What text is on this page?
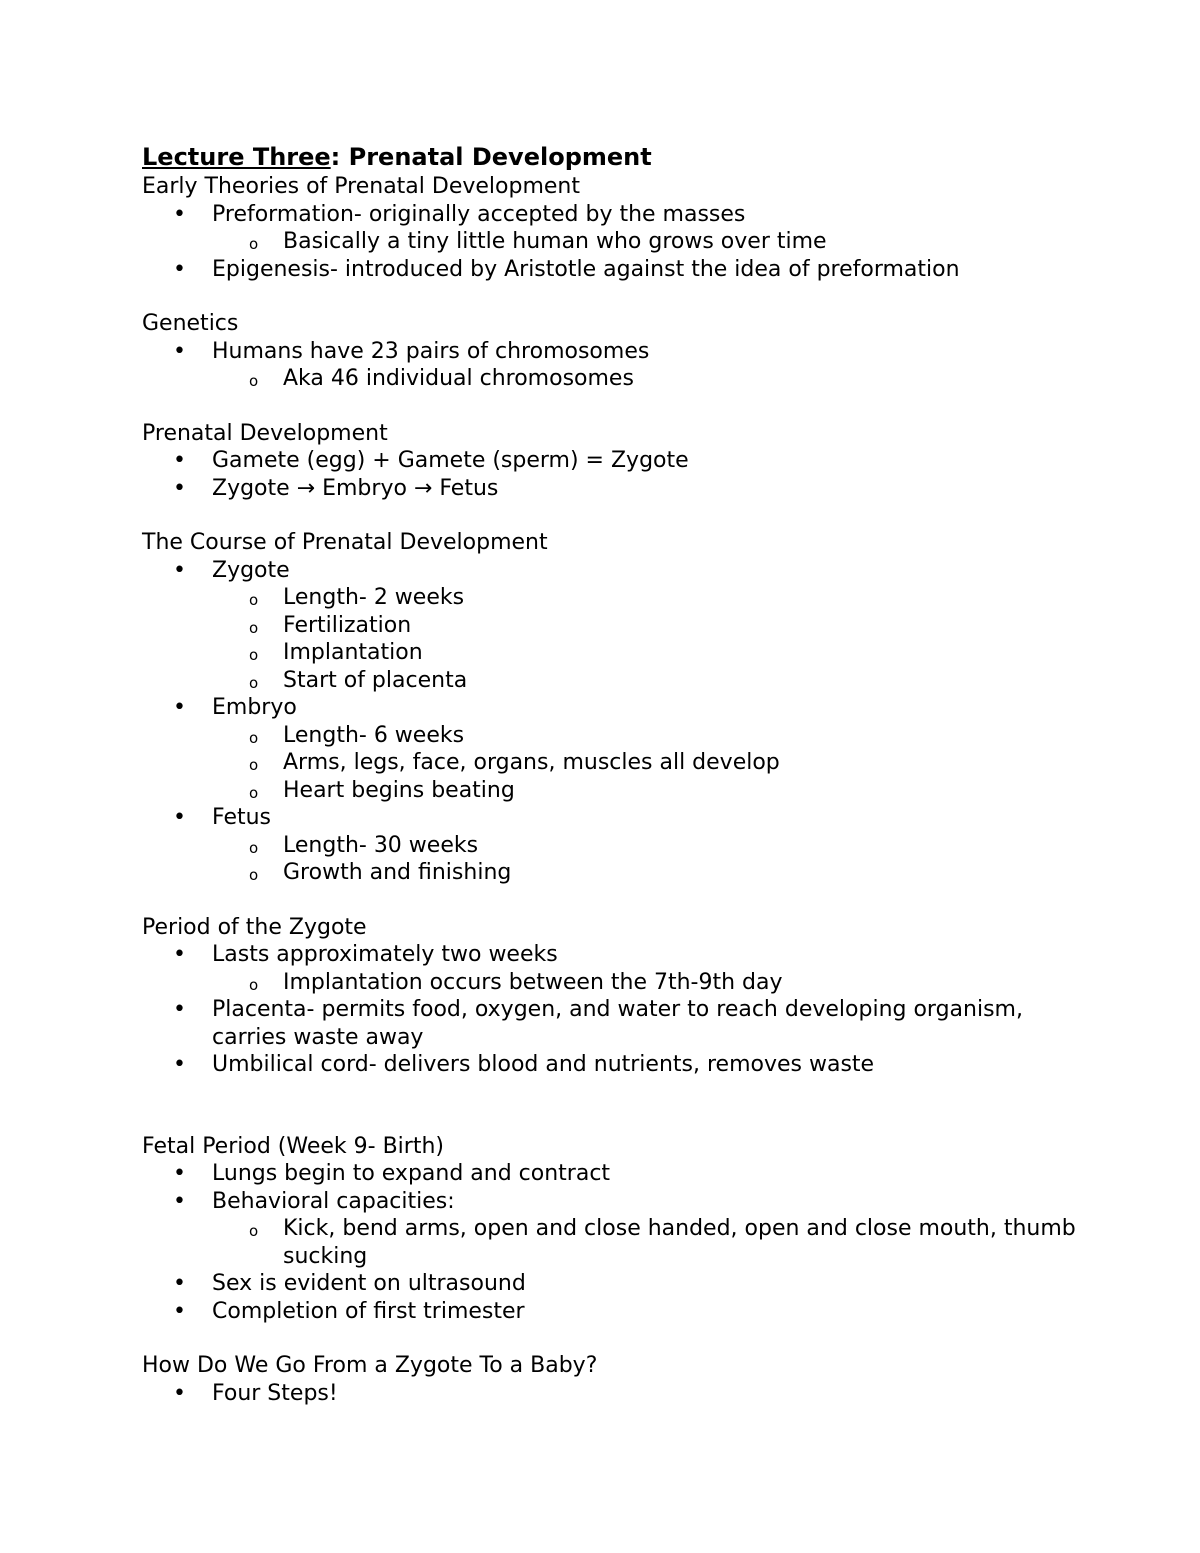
Lecture Three: Prenatal Development
Early Theories of Prenatal Development
• Preformation- originally accepted by the masses
o Basically a tiny little human who grows over time
• Epigenesis- introduced by Aristotle against the idea of preformation
Genetics
• Humans have 23 pairs of chromosomes
o Aka 46 individual chromosomes
Prenatal Development
• Gamete (egg) + Gamete (sperm) = Zygote
• Zygote → Embryo → Fetus
The Course of Prenatal Development
• Zygote
o Length- 2 weeks
o Fertilization
o Implantation
o Start of placenta
• Embryo
o Length- 6 weeks
o Arms, legs, face, organs, muscles all develop
o Heart begins beating
• Fetus
o Length- 30 weeks
o Growth and finishing
Period of the Zygote
• Lasts approximately two weeks
o Implantation occurs between the 7th-9th day
• Placenta- permits food, oxygen, and water to reach developing organism, carries waste away
• Umbilical cord- delivers blood and nutrients, removes waste
Fetal Period (Week 9- Birth)
• Lungs begin to expand and contract
• Behavioral capacities:
o Kick, bend arms, open and close handed, open and close mouth, thumb sucking
• Sex is evident on ultrasound
• Completion of first trimester
How Do We Go From a Zygote To a Baby?
• Four Steps!
